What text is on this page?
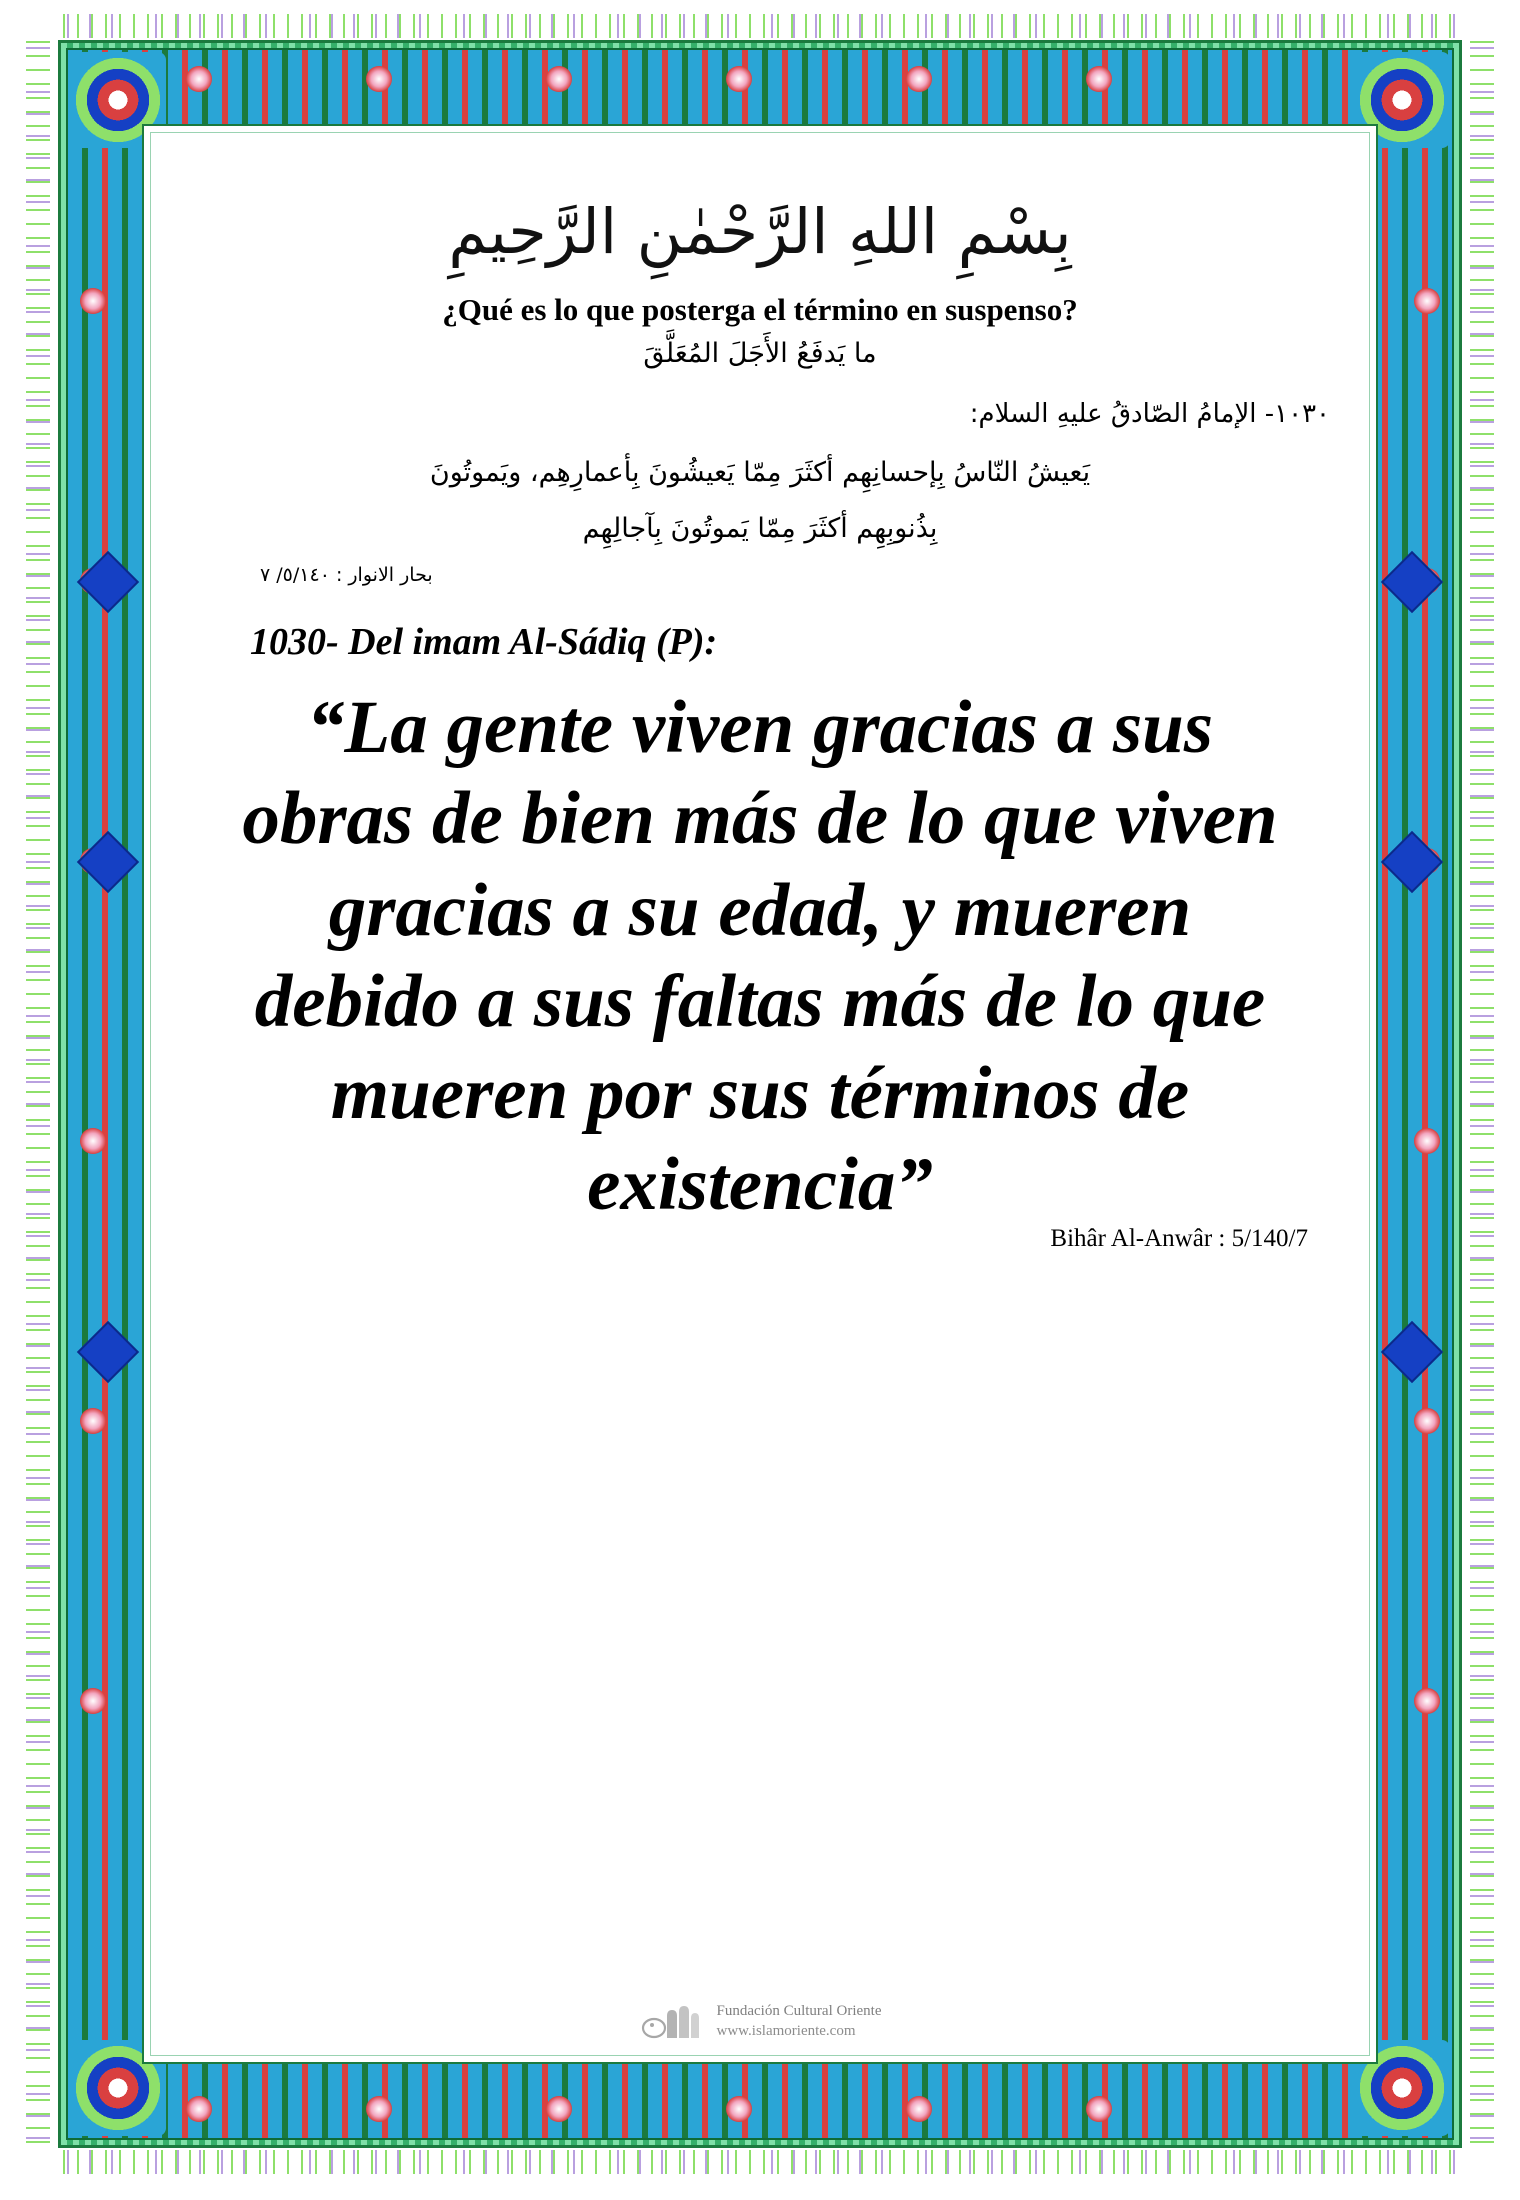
بِسْمِ اللهِ الرَّحْمٰنِ الرَّحِيمِ
¿Qué es lo que posterga el término en suspenso?
ما يَدفَعُ الأَجَلَ المُعَلَّقَ
١٠٣٠- الإمامُ الصّادقُ عليهِ السلام:
يَعيشُ النّاسُ بِإحسانِهِم أكثَرَ مِمّا يَعيشُونَ بِأعمارِهِم، ويَموتُونَ
بِذُنوبِهِم أكثَرَ مِمّا يَموتُونَ بِآجالِهِم
بحار الانوار : ٥/١٤٠/ ٧
1030- Del imam Al-Sádiq (P):
“La gente viven gracias a sus obras de bien más de lo que viven gracias a su edad, y mueren debido a sus faltas más de lo que mueren por sus términos de existencia”
Bihâr Al-Anwâr : 5/140/7
Fundación Cultural Oriente
www.islamoriente.com
